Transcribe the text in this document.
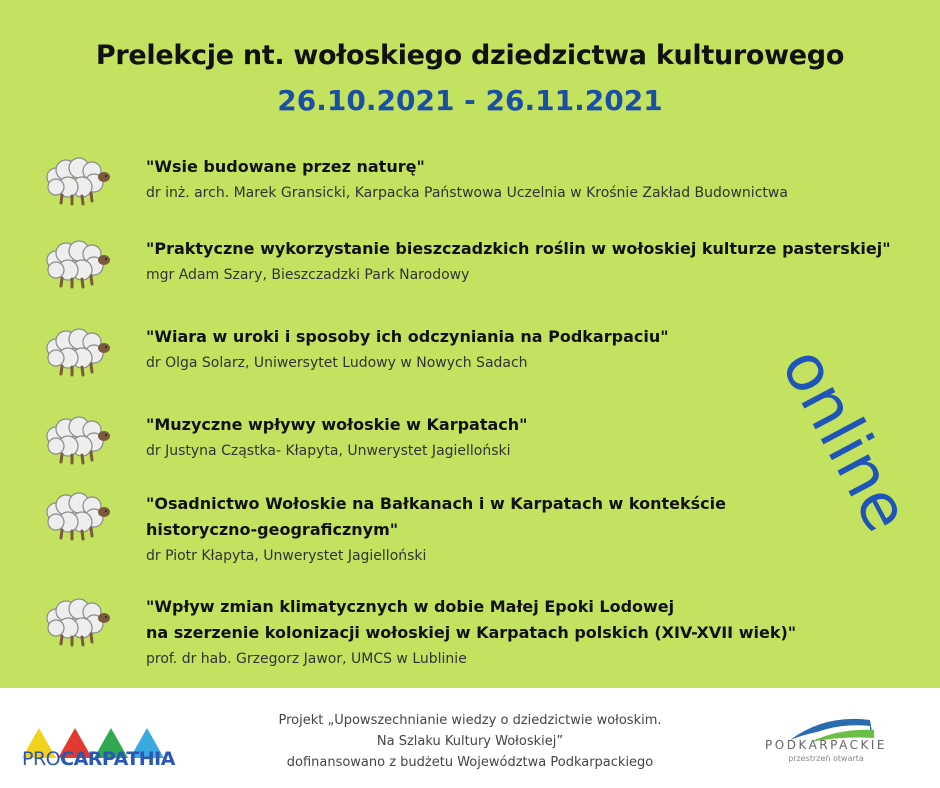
Prelekcje nt. wołoskiego dziedzictwa kulturowego
26.10.2021 - 26.11.2021
"Wsie budowane przez naturę"
dr inż. arch. Marek Gransicki, Karpacka Państwowa Uczelnia w Krośnie Zakład Budownictwa
"Praktyczne wykorzystanie bieszczadzkich roślin w wołoskiej kulturze pasterskiej"
mgr Adam Szary, Bieszczadzki Park Narodowy
"Wiara w uroki i sposoby ich odczyniania na Podkarpaciu"
dr Olga Solarz, Uniwersytet Ludowy w Nowych Sadach
"Muzyczne wpływy wołoskie w Karpatach"
dr Justyna Cząstka- Kłapyta, Unwerystet Jagielloński
"Osadnictwo Wołoskie na Bałkanach i w Karpatach w kontekście
historyczno-geograficznym"
dr Piotr Kłapyta, Unwerystet Jagielloński
"Wpływ zmian klimatycznych w dobie Małej Epoki Lodowej
na szerzenie kolonizacji wołoskiej w Karpatach polskich (XIV-XVII wiek)"
prof. dr hab. Grzegorz Jawor, UMCS w Lublinie
online
Projekt „Upowszechnianie wiedzy o dziedzictwie wołoskim.
Na Szlaku Kultury Wołoskiej”
dofinansowano z budżetu Województwa Podkarpackiego
PROCARPATHIA
PODKARPACKIE
przestrzeń otwarta
